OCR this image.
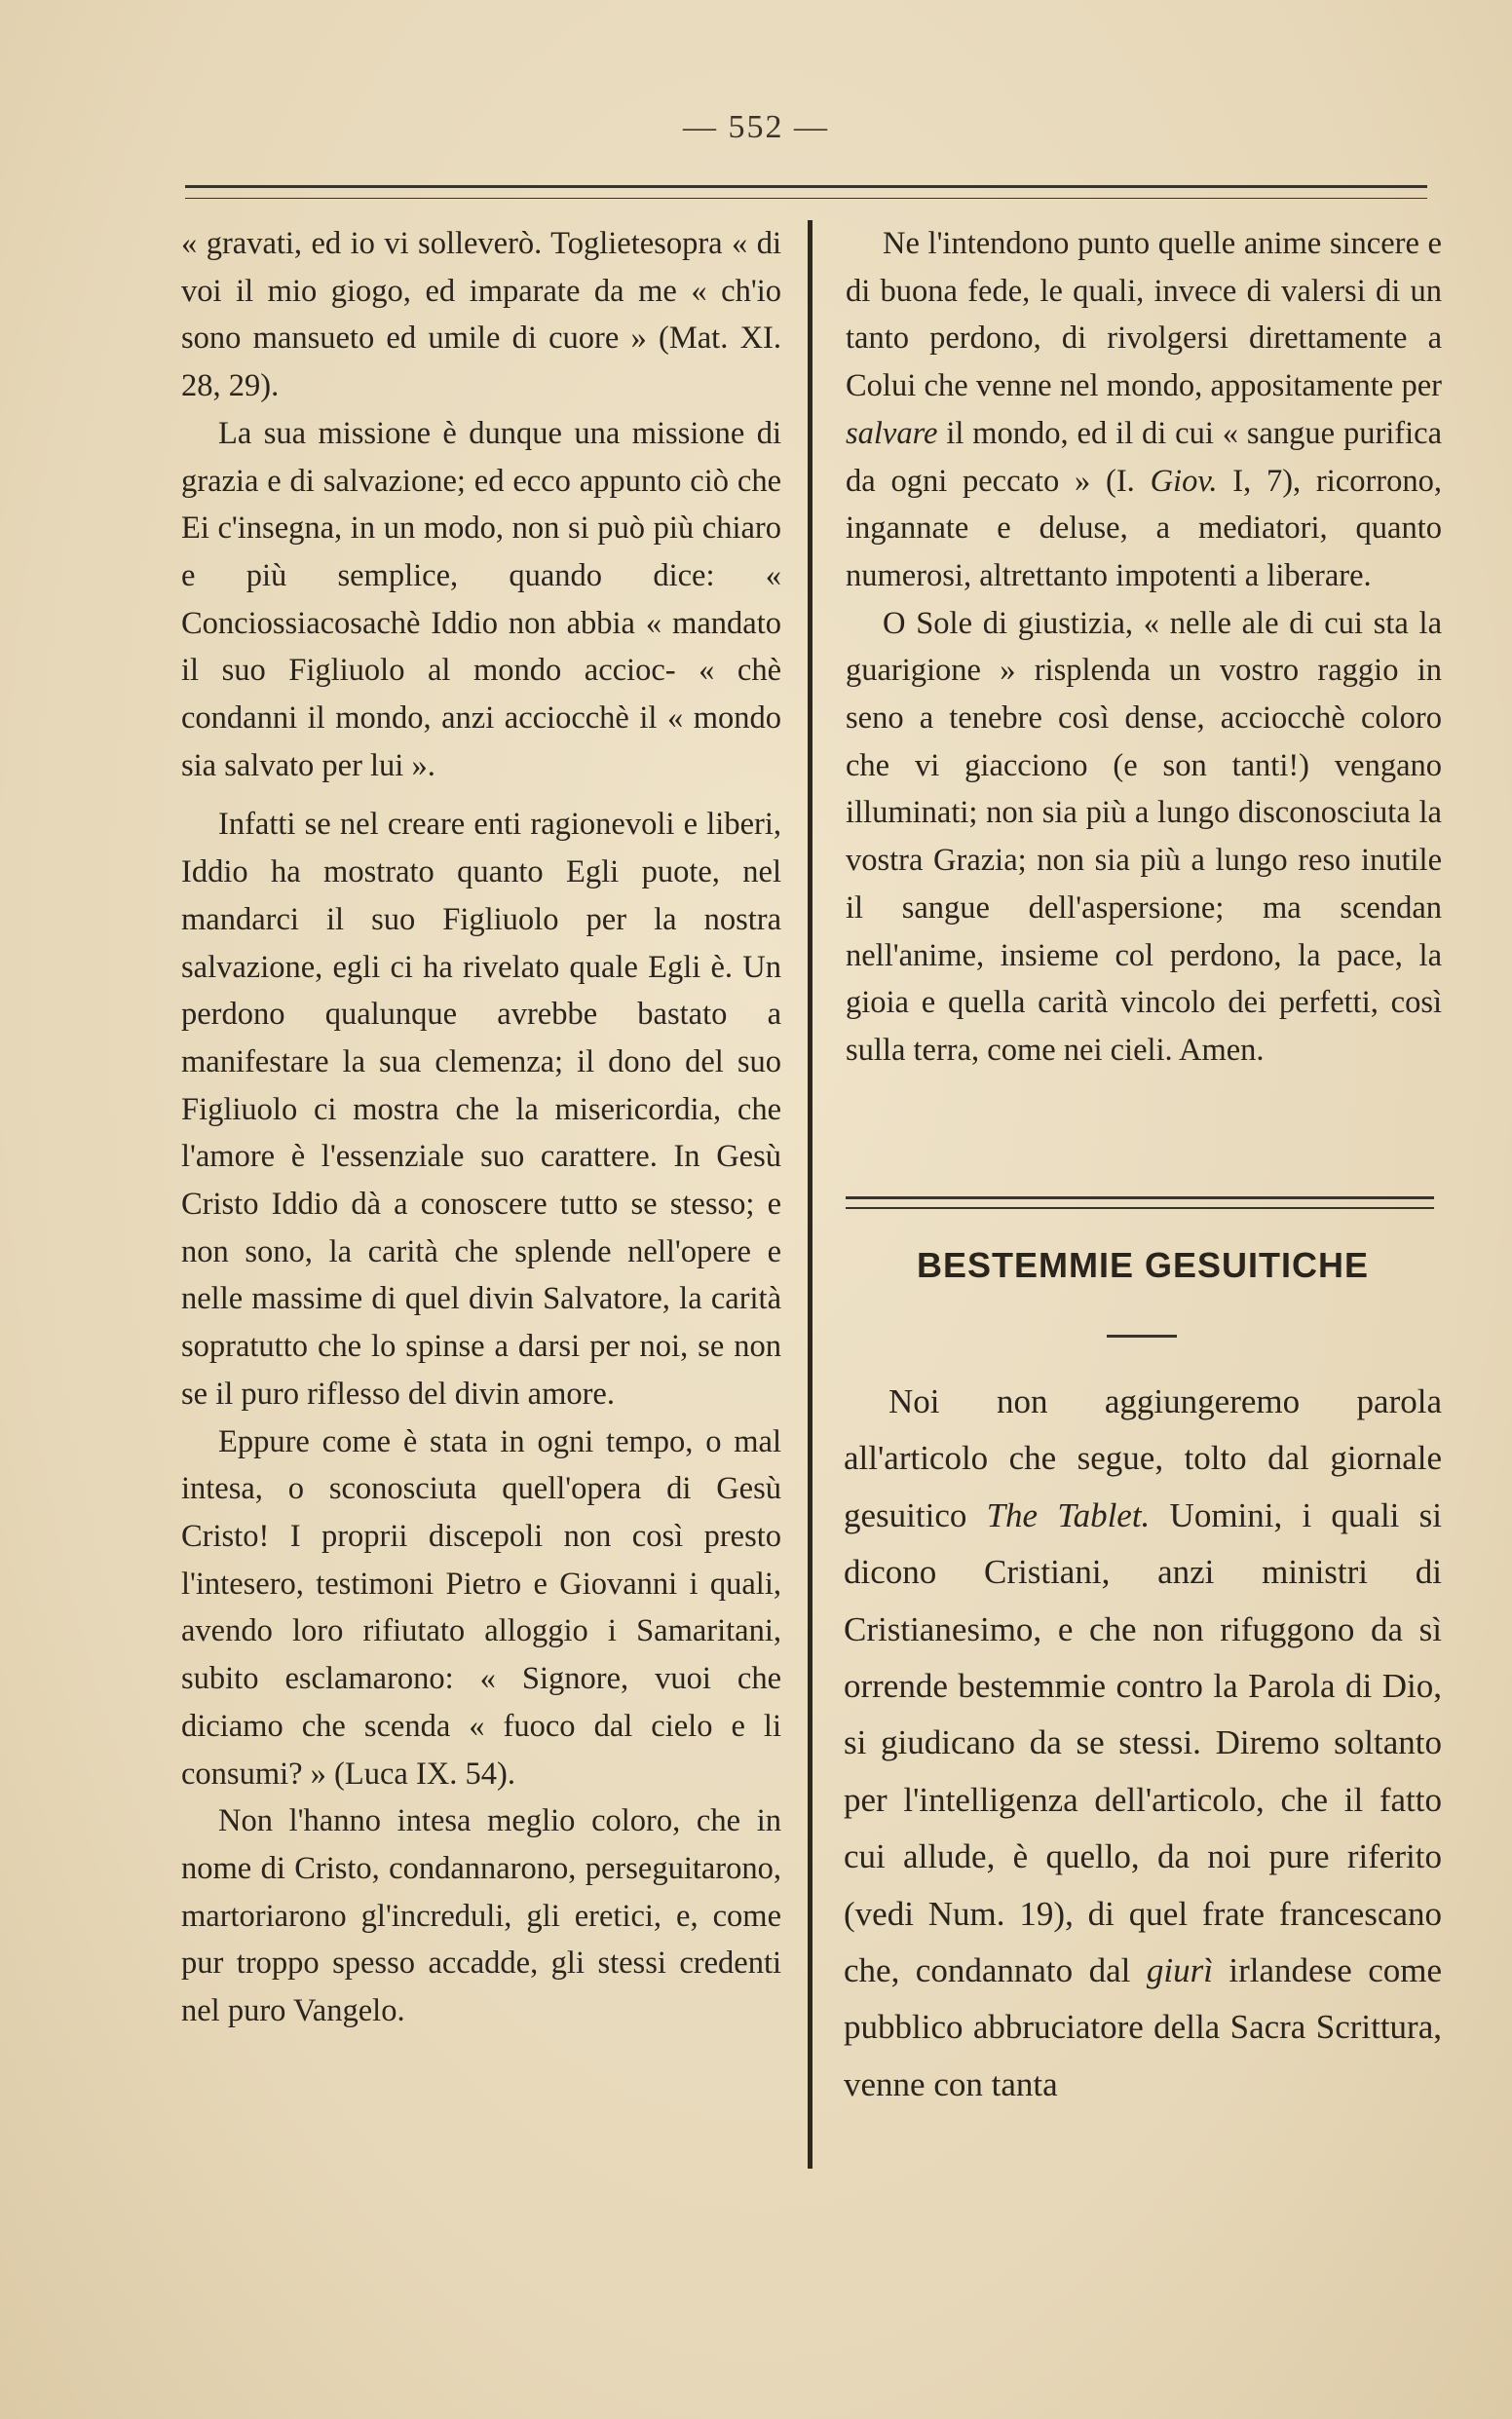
— 552 —

« gravati, ed io vi solleverò. Toglietesopra « di voi il mio giogo, ed imparate da me « ch'io sono mansueto ed umile di cuore » (Mat. XI. 28, 29).

La sua missione è dunque una missione di grazia e di salvazione; ed ecco appunto ciò che Ei c'insegna, in un modo, non si può più chiaro e più semplice, quando dice: « Conciossiacosachè Iddio non abbia « mandato il suo Figliuolo al mondo accioc- « chè condanni il mondo, anzi acciocchè il « mondo sia salvato per lui ».

Infatti se nel creare enti ragionevoli e liberi, Iddio ha mostrato quanto Egli puote, nel mandarci il suo Figliuolo per la nostra salvazione, egli ci ha rivelato quale Egli è. Un perdono qualunque avrebbe bastato a manifestare la sua clemenza; il dono del suo Figliuolo ci mostra che la misericordia, che l'amore è l'essenziale suo carattere. In Gesù Cristo Iddio dà a conoscere tutto se stesso; e non sono, la carità che splende nell'opere e nelle massime di quel divin Salvatore, la carità sopratutto che lo spinse a darsi per noi, se non se il puro riflesso del divin amore.

Eppure come è stata in ogni tempo, o mal intesa, o sconosciuta quell'opera di Gesù Cristo! I proprii discepoli non così presto l'intesero, testimoni Pietro e Giovanni i quali, avendo loro rifiutato alloggio i Samaritani, subito esclamarono: « Signore, vuoi che diciamo che scenda « fuoco dal cielo e li consumi? » (Luca IX. 54).

Non l'hanno intesa meglio coloro, che in nome di Cristo, condannarono, perseguitarono, martoriarono gl'increduli, gli eretici, e, come pur troppo spesso accadde, gli stessi credenti nel puro Vangelo.

Ne l'intendono punto quelle anime sincere e di buona fede, le quali, invece di valersi di un tanto perdono, di rivolgersi direttamente a Colui che venne nel mondo, appositamente per salvare il mondo, ed il di cui « sangue purifica da ogni peccato » (I. Giov. I, 7), ricorrono, ingannate e deluse, a mediatori, quanto numerosi, altrettanto impotenti a liberare.

O Sole di giustizia, « nelle ale di cui sta la guarigione » risplenda un vostro raggio in seno a tenebre così dense, acciocchè coloro che vi giacciono (e son tanti!) vengano illuminati; non sia più a lungo disconosciuta la vostra Grazia; non sia più a lungo reso inutile il sangue dell'aspersione; ma scendan nell'anime, insieme col perdono, la pace, la gioia e quella carità vincolo dei perfetti, così sulla terra, come nei cieli. Amen.

BESTEMMIE GESUITICHE

Noi non aggiungeremo parola all'articolo che segue, tolto dal giornale gesuitico The Tablet. Uomini, i quali si dicono Cristiani, anzi ministri di Cristianesimo, e che non rifuggono da sì orrende bestemmie contro la Parola di Dio, si giudicano da se stessi. Diremo soltanto per l'intelligenza dell'articolo, che il fatto cui allude, è quello, da noi pure riferito (vedi Num. 19), di quel frate francescano che, condannato dal giurì irlandese come pubblico abbruciatore della Sacra Scrittura, venne con tanta
